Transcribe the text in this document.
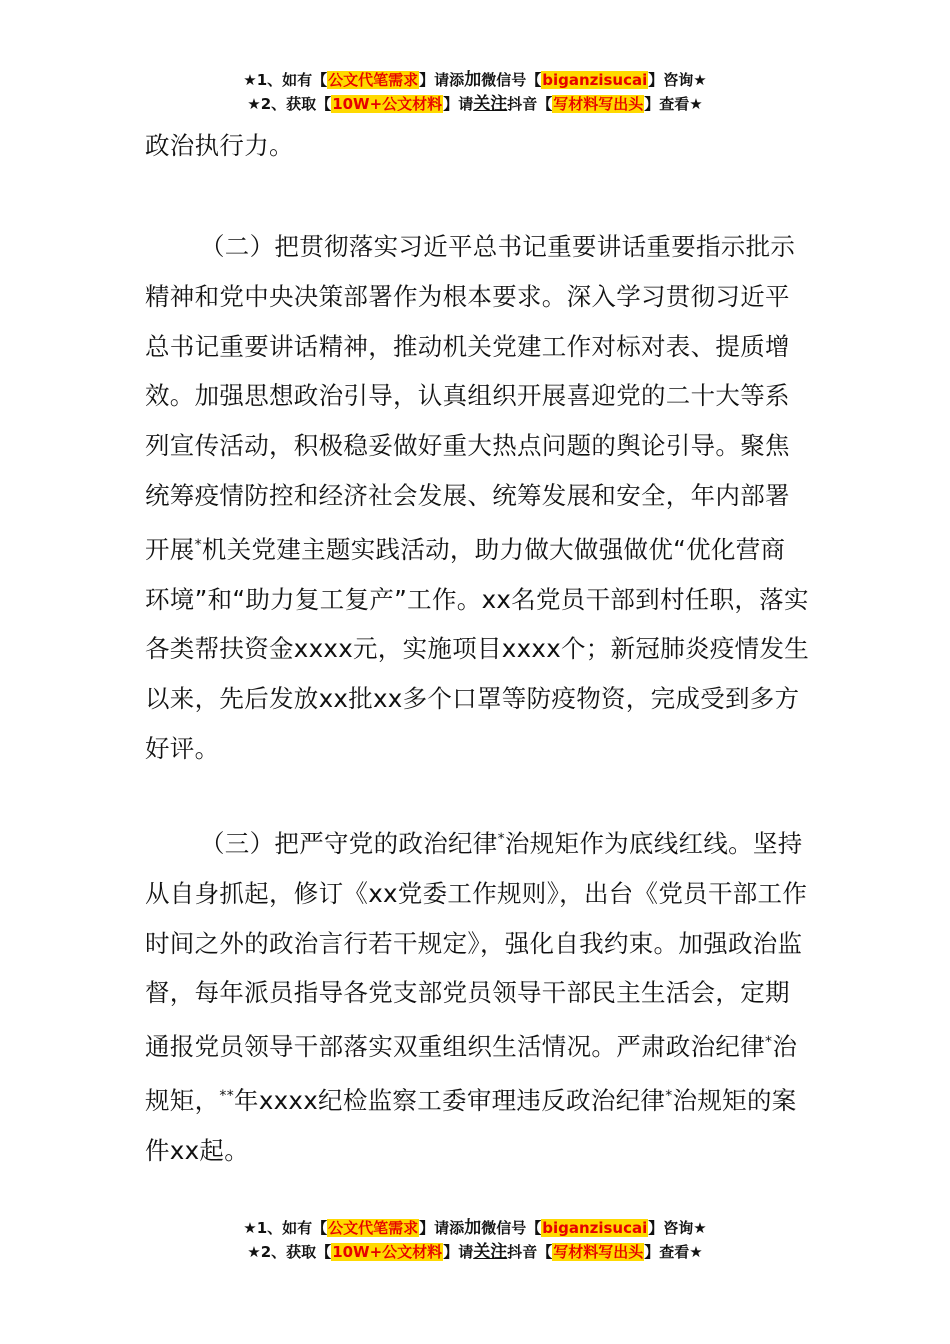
★1、如有【公文代笔需求】请添加微信号【biganzisucai】咨询★
★2、获取【10W+公文材料】请关注抖音【写材料写出头】查看★
政治执行力。
（二）把贯彻落实习近平总书记重要讲话重要指示批示精神和党中央决策部署作为根本要求。深入学习贯彻习近平总书记重要讲话精神，推动机关党建工作对标对表、提质增效。加强思想政治引导，认真组织开展喜迎党的二十大等系列宣传活动，积极稳妥做好重大热点问题的舆论引导。聚焦统筹疫情防控和经济社会发展、统筹发展和安全，年内部署开展*机关党建主题实践活动，助力做大做强做优“优化营商环境”和“助力复工复产”工作。xx名党员干部到村任职，落实各类帮扶资金xxxx元，实施项目xxxx个；新冠肺炎疫情发生以来，先后发放xx批xx多个口罩等防疫物资，完成受到多方好评。
（三）把严守党的政治纪律*治规矩作为底线红线。坚持从自身抓起，修订《xx党委工作规则》，出台《党员干部工作时间之外的政治言行若干规定》，强化自我约束。加强政治监督，每年派员指导各党支部党员领导干部民主生活会，定期通报党员领导干部落实双重组织生活情况。严肃政治纪律*治规矩，**年xxxx纪检监察工委审理违反政治纪律*治规矩的案件xx起。
★1、如有【公文代笔需求】请添加微信号【biganzisucai】咨询★
★2、获取【10W+公文材料】请关注抖音【写材料写出头】查看★
